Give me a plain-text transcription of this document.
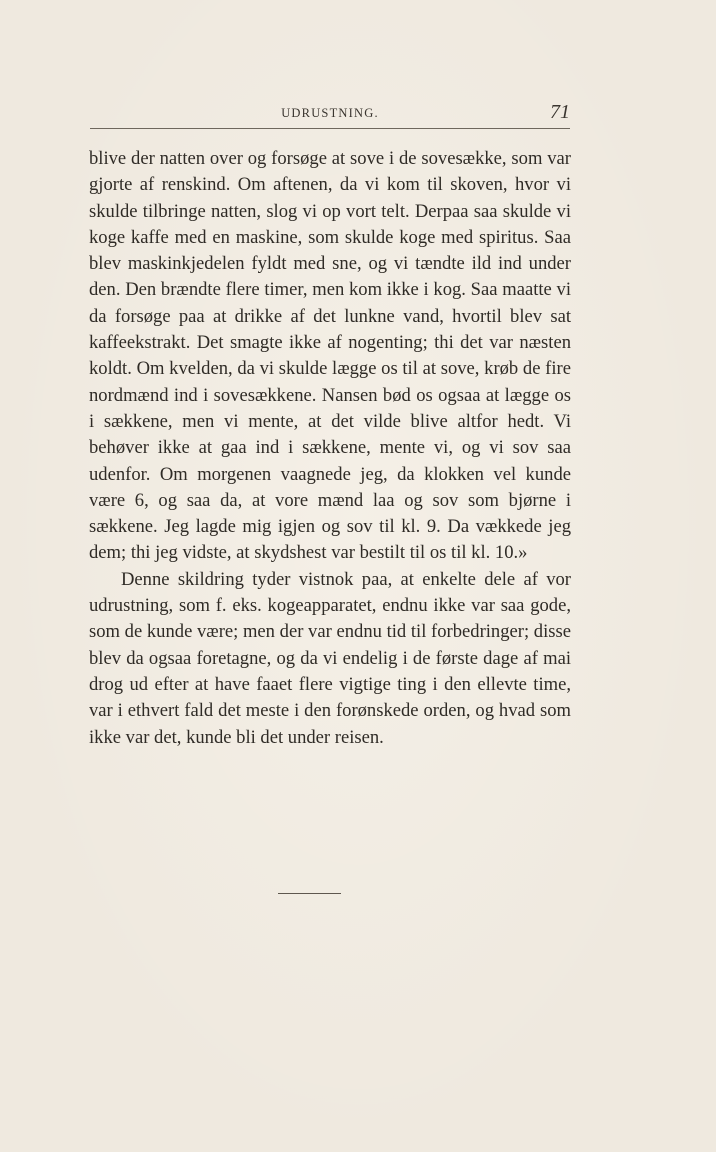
UDRUSTNING.	71

blive der natten over og forsøge at sove i de sovesække, som var gjorte af renskind. Om aftenen, da vi kom til skoven, hvor vi skulde tilbringe natten, slog vi op vort telt. Derpaa saa skulde vi koge kaffe med en maskine, som skulde koge med spiritus. Saa blev maskinkjedelen fyldt med sne, og vi tændte ild ind under den. Den brændte flere timer, men kom ikke i kog. Saa maatte vi da forsøge paa at drikke af det lunkne vand, hvortil blev sat kaffeekstrakt. Det smagte ikke af nogenting; thi det var næsten koldt. Om kvelden, da vi skulde lægge os til at sove, krøb de fire nordmænd ind i sovesækkene. Nansen bød os ogsaa at lægge os i sækkene, men vi mente, at det vilde blive altfor hedt. Vi behøver ikke at gaa ind i sækkene, mente vi, og vi sov saa udenfor. Om morgenen vaagnede jeg, da klokken vel kunde være 6, og saa da, at vore mænd laa og sov som bjørne i sækkene. Jeg lagde mig igjen og sov til kl. 9. Da vækkede jeg dem; thi jeg vidste, at skydshest var bestilt til os til kl. 10.»

Denne skildring tyder vistnok paa, at enkelte dele af vor udrustning, som f. eks. kogeapparatet, endnu ikke var saa gode, som de kunde være; men der var endnu tid til forbedringer; disse blev da ogsaa foretagne, og da vi endelig i de første dage af mai drog ud efter at have faaet flere vigtige ting i den ellevte time, var i ethvert fald det meste i den forønskede orden, og hvad som ikke var det, kunde bli det under reisen.
